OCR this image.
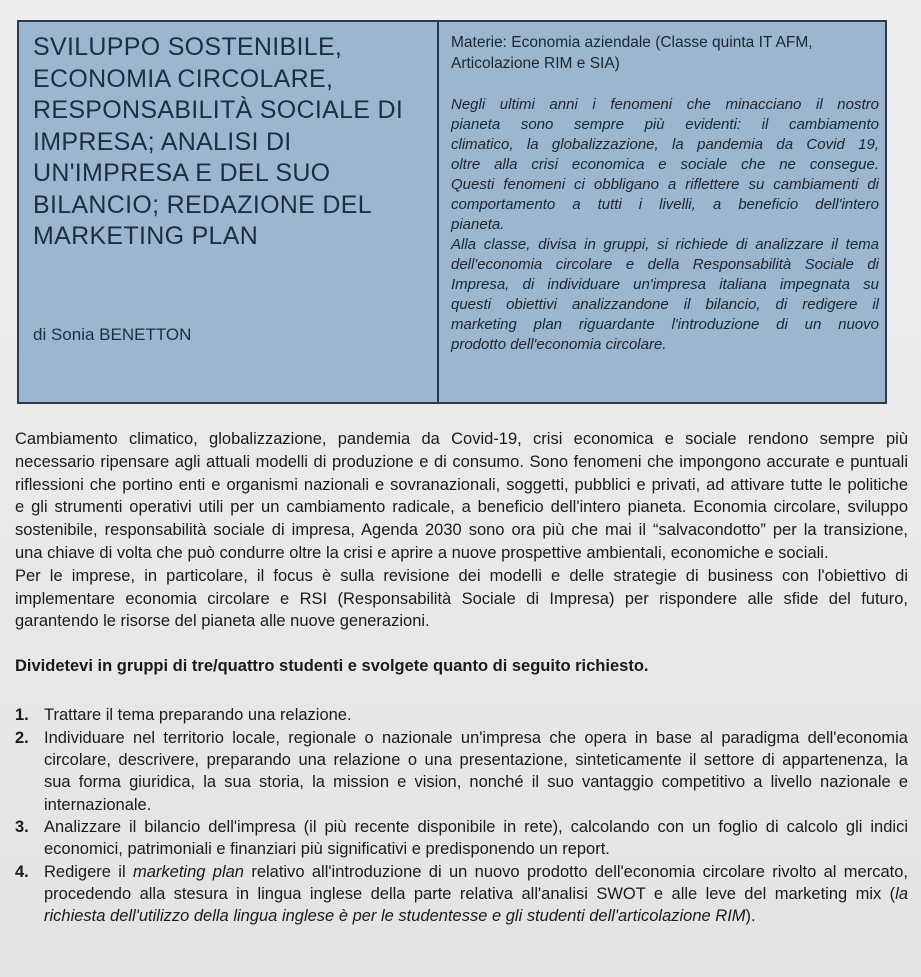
SVILUPPO SOSTENIBILE,
ECONOMIA CIRCOLARE,
RESPONSABILITÀ SOCIALE DI
IMPRESA; ANALISI DI
UN'IMPRESA E DEL SUO
BILANCIO; REDAZIONE DEL
MARKETING PLAN
di Sonia BENETTON
Materie: Economia aziendale (Classe quinta IT AFM,
Articolazione RIM e SIA)
Negli ultimi anni i fenomeni che minacciano il nostro
pianeta sono sempre più evidenti: il cambiamento
climatico, la globalizzazione, la pandemia da Covid 19,
oltre alla crisi economica e sociale che ne consegue.
Questi fenomeni ci obbligano a riflettere su cambiamenti di
comportamento a tutti i livelli, a beneficio dell'intero
pianeta.
Alla classe, divisa in gruppi, si richiede di analizzare il tema
dell'economia circolare e della Responsabilità Sociale di
Impresa, di individuare un'impresa italiana impegnata su
questi obiettivi analizzandone il bilancio, di redigere il
marketing plan riguardante l'introduzione di un nuovo
prodotto dell'economia circolare.
Cambiamento climatico, globalizzazione, pandemia da Covid-19, crisi economica e sociale rendono sempre più
necessario ripensare agli attuali modelli di produzione e di consumo. Sono fenomeni che impongono accurate e puntuali
riflessioni che portino enti e organismi nazionali e sovranazionali, soggetti, pubblici e privati, ad attivare tutte le politiche
e gli strumenti operativi utili per un cambiamento radicale, a beneficio dell'intero pianeta. Economia circolare, sviluppo
sostenibile, responsabilità sociale di impresa, Agenda 2030 sono ora più che mai il “salvacondotto” per la transizione,
una chiave di volta che può condurre oltre la crisi e aprire a nuove prospettive ambientali, economiche e sociali.
Per le imprese, in particolare, il focus è sulla revisione dei modelli e delle strategie di business con l'obiettivo di
implementare economia circolare e RSI (Responsabilità Sociale di Impresa) per rispondere alle sfide del futuro,
garantendo le risorse del pianeta alle nuove generazioni.
Dividetevi in gruppi di tre/quattro studenti e svolgete quanto di seguito richiesto.
1. Trattare il tema preparando una relazione.
2. Individuare nel territorio locale, regionale o nazionale un'impresa che opera in base al paradigma dell'economia
circolare, descrivere, preparando una relazione o una presentazione, sinteticamente il settore di appartenenza, la
sua forma giuridica, la sua storia, la mission e vision, nonché il suo vantaggio competitivo a livello nazionale e
internazionale.
3. Analizzare il bilancio dell'impresa (il più recente disponibile in rete), calcolando con un foglio di calcolo gli indici
economici, patrimoniali e finanziari più significativi e predisponendo un report.
4. Redigere il marketing plan relativo all'introduzione di un nuovo prodotto dell'economia circolare rivolto al mercato,
procedendo alla stesura in lingua inglese della parte relativa all'analisi SWOT e alle leve del marketing mix (la
richiesta dell'utilizzo della lingua inglese è per le studentesse e gli studenti dell'articolazione RIM).
